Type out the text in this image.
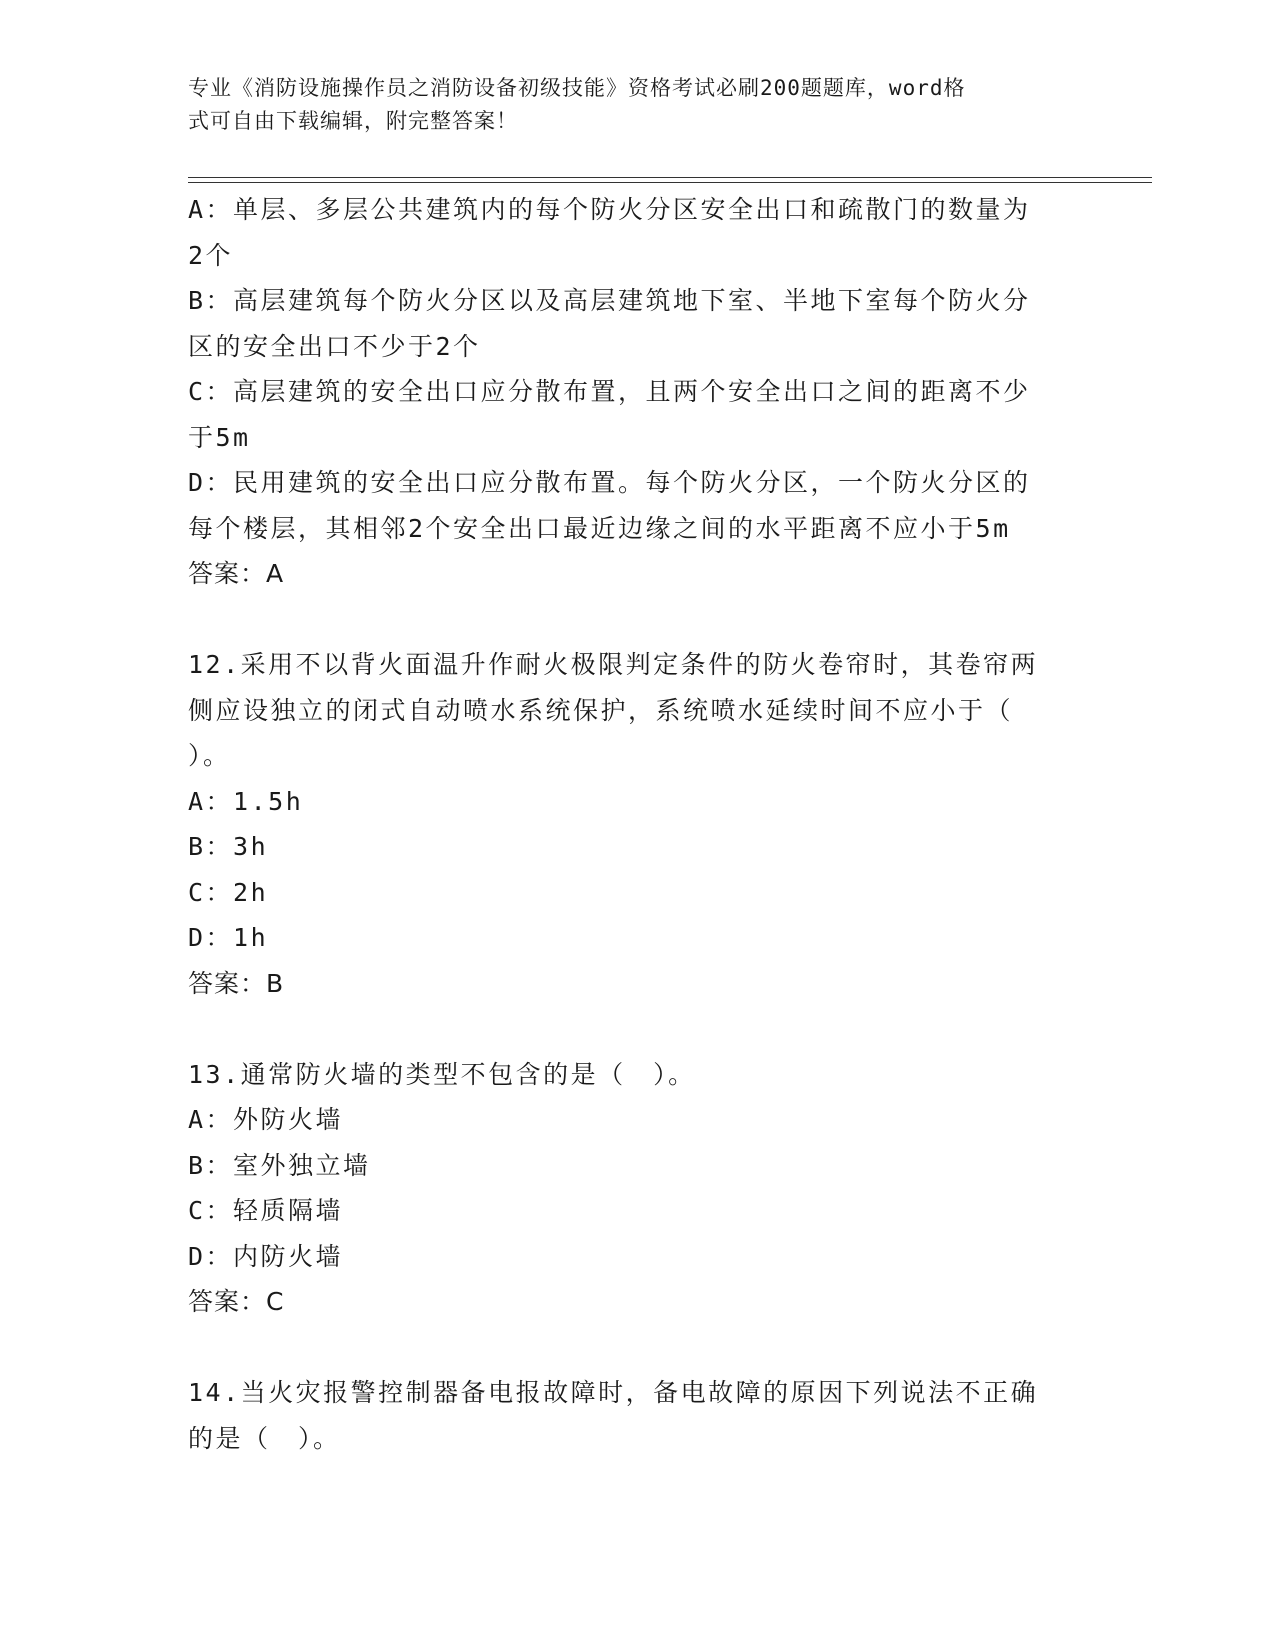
专业《消防设施操作员之消防设备初级技能》资格考试必刷200题题库，word格
式可自由下载编辑，附完整答案！
A：单层、多层公共建筑内的每个防火分区安全出口和疏散门的数量为
2个
B：高层建筑每个防火分区以及高层建筑地下室、半地下室每个防火分
区的安全出口不少于2个
C：高层建筑的安全出口应分散布置，且两个安全出口之间的距离不少
于5m
D：民用建筑的安全出口应分散布置。每个防火分区，一个防火分区的
每个楼层，其相邻2个安全出口最近边缘之间的水平距离不应小于5m
答案：A
12.采用不以背火面温升作耐火极限判定条件的防火卷帘时，其卷帘两
侧应设独立的闭式自动喷水系统保护，系统喷水延续时间不应小于（
）。
A：1.5h
B：3h
C：2h
D：1h
答案：B
13.通常防火墙的类型不包含的是（　）。
A：外防火墙
B：室外独立墙
C：轻质隔墙
D：内防火墙
答案：C
14.当火灾报警控制器备电报故障时，备电故障的原因下列说法不正确
的是（　）。
